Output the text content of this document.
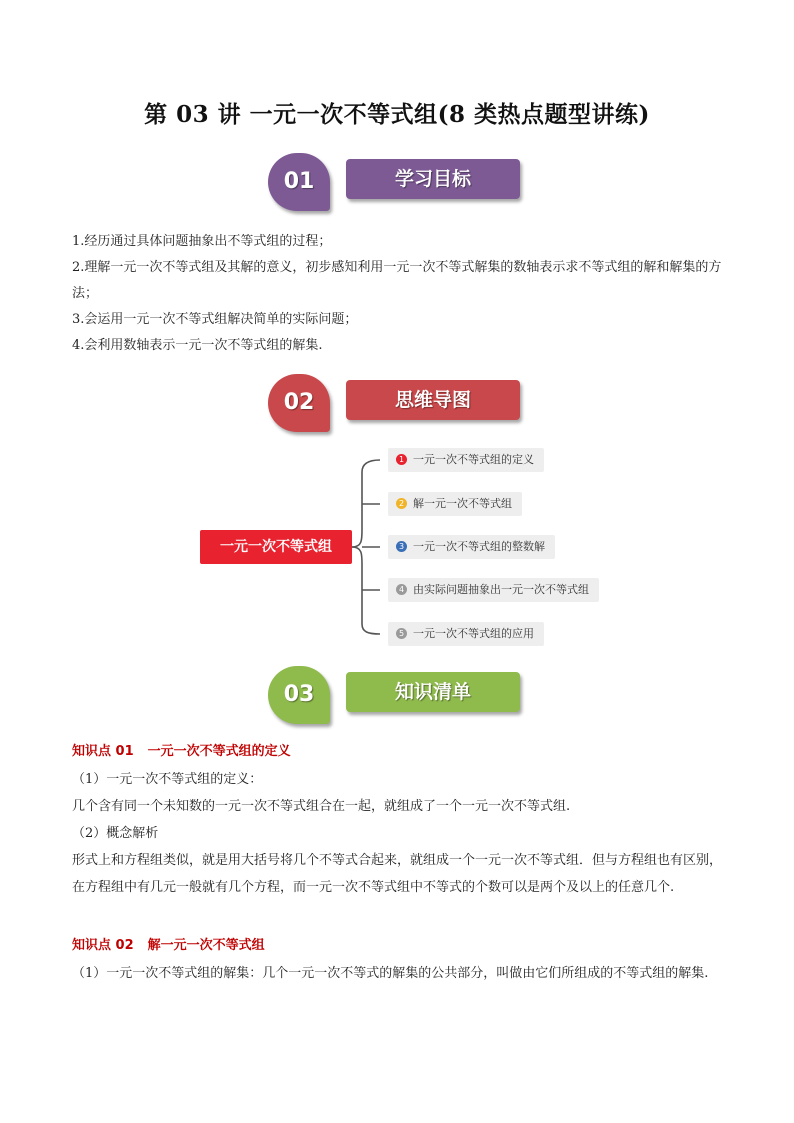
第 03 讲 一元一次不等式组(8 类热点题型讲练)
01	学习目标

1.经历通过具体问题抽象出不等式组的过程；

2.理解一元一次不等式组及其解的意义，初步感知利用一元一次不等式解集的数轴表示求不等式组的解和解集的方法；

3.会运用一元一次不等式组解决简单的实际问题；

4.会利用数轴表示一元一次不等式组的解集.

02	思维导图
一元一次不等式组
1 一元一次不等式组的定义
2 解一元一次不等式组
3 一元一次不等式组的整数解
4 由实际问题抽象出一元一次不等式组
5 一元一次不等式组的应用
03	知识清单
知识点 01 一元一次不等式组的定义

（1）一元一次不等式组的定义：

几个含有同一个未知数的一元一次不等式组合在一起，就组成了一个一元一次不等式组.

（2）概念解析

形式上和方程组类似，就是用大括号将几个不等式合起来，就组成一个一元一次不等式组．但与方程组也有区别，在方程组中有几元一般就有几个方程，而一元一次不等式组中不等式的个数可以是两个及以上的任意几个.

知识点 02 解一元一次不等式组

（1）一元一次不等式组的解集：几个一元一次不等式的解集的公共部分，叫做由它们所组成的不等式组的解集.
